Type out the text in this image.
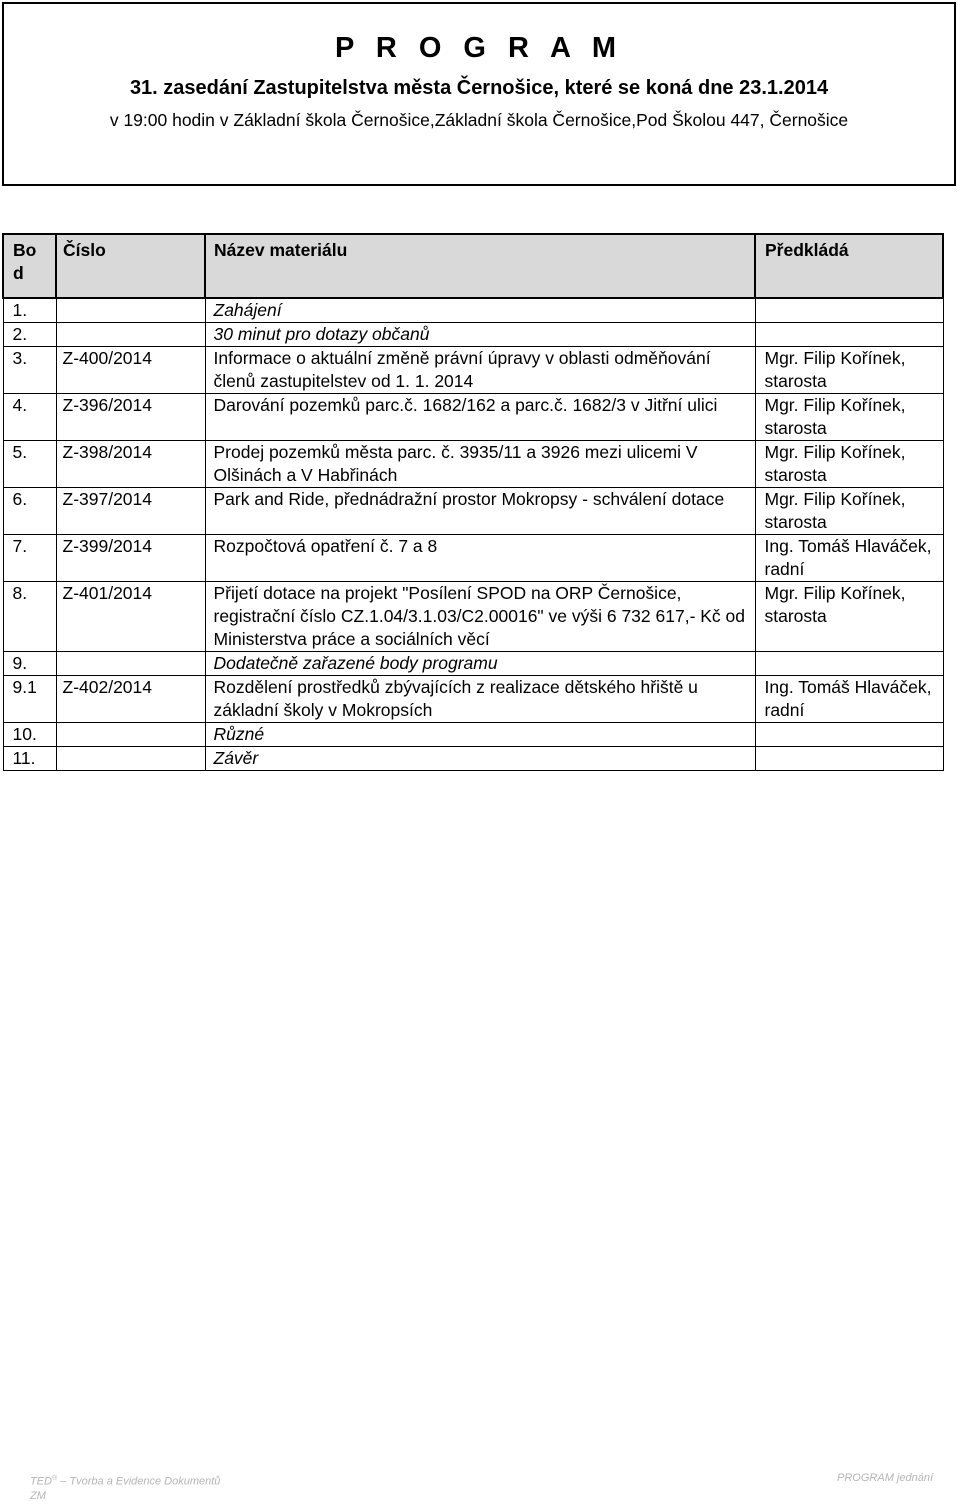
P R O G R A M
31. zasedání Zastupitelstva města Černošice, které se koná dne 23.1.2014
v 19:00 hodin v Základní škola Černošice,Základní škola Černošice,Pod Školou 447, Černošice
Bo d	Číslo	Název materiálu	Předkládá
1.		Zahájení	
2.		30 minut pro dotazy občanů	
3.	Z-400/2014	Informace o aktuální změně právní úpravy v oblasti odměňování členů zastupitelstev od 1. 1. 2014	Mgr. Filip Kořínek, starosta
4.	Z-396/2014	Darování pozemků parc.č. 1682/162 a parc.č. 1682/3 v Jitřní ulici	Mgr. Filip Kořínek, starosta
5.	Z-398/2014	Prodej pozemků města parc. č. 3935/11 a 3926 mezi ulicemi V Olšinách a V Habřinách	Mgr. Filip Kořínek, starosta
6.	Z-397/2014	Park and Ride, přednádražní prostor Mokropsy - schválení dotace	Mgr. Filip Kořínek, starosta
7.	Z-399/2014	Rozpočtová opatření č. 7 a 8	Ing. Tomáš Hlaváček, radní
8.	Z-401/2014	Přijetí dotace na projekt "Posílení SPOD na ORP Černošice, registrační číslo CZ.1.04/3.1.03/C2.00016" ve výši 6 732 617,- Kč od Ministerstva práce a sociálních věcí	Mgr. Filip Kořínek, starosta
9.		Dodatečně zařazené body programu	
9.1	Z-402/2014	Rozdělení prostředků zbývajících z realizace dětského hřiště u základní školy v Mokropsích	Ing. Tomáš Hlaváček, radní
10.		Různé	
11.		Závěr	
TED® – Tvorba a Evidence Dokumentů
ZM
PROGRAM jednání
